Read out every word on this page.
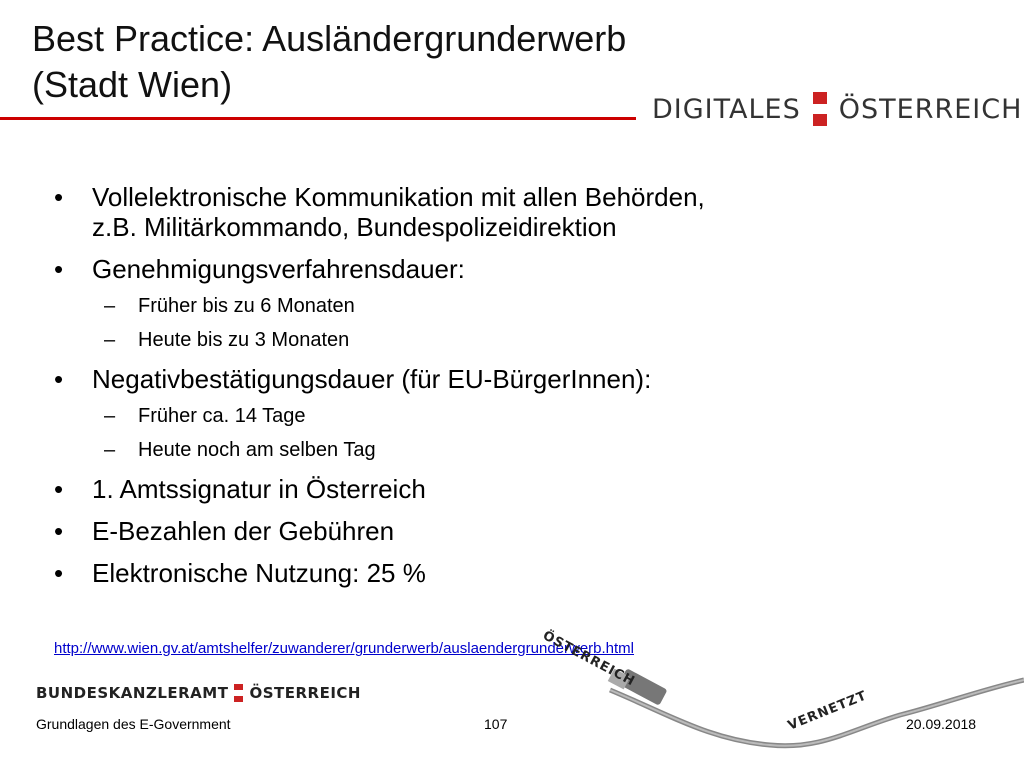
Best Practice: Ausländergrunderwerb
(Stadt Wien)
DIGITALES ÖSTERREICH
• Vollelektronische Kommunikation mit allen Behörden,
z.B. Militärkommando, Bundespolizeidirektion
• Genehmigungsverfahrensdauer:
– Früher bis zu 6 Monaten
– Heute bis zu 3 Monaten
• Negativbestätigungsdauer (für EU-BürgerInnen):
– Früher ca. 14 Tage
– Heute noch am selben Tag
• 1. Amtssignatur in Österreich
• E-Bezahlen der Gebühren
• Elektronische Nutzung: 25 %
http://www.wien.gv.at/amtshelfer/zuwanderer/grunderwerb/auslaendergrunderwerb.html
ÖSTERREICH
VERNETZT
BUNDESKANZLERAMT ÖSTERREICH
Grundlagen des E-Government	107	20.09.2018
